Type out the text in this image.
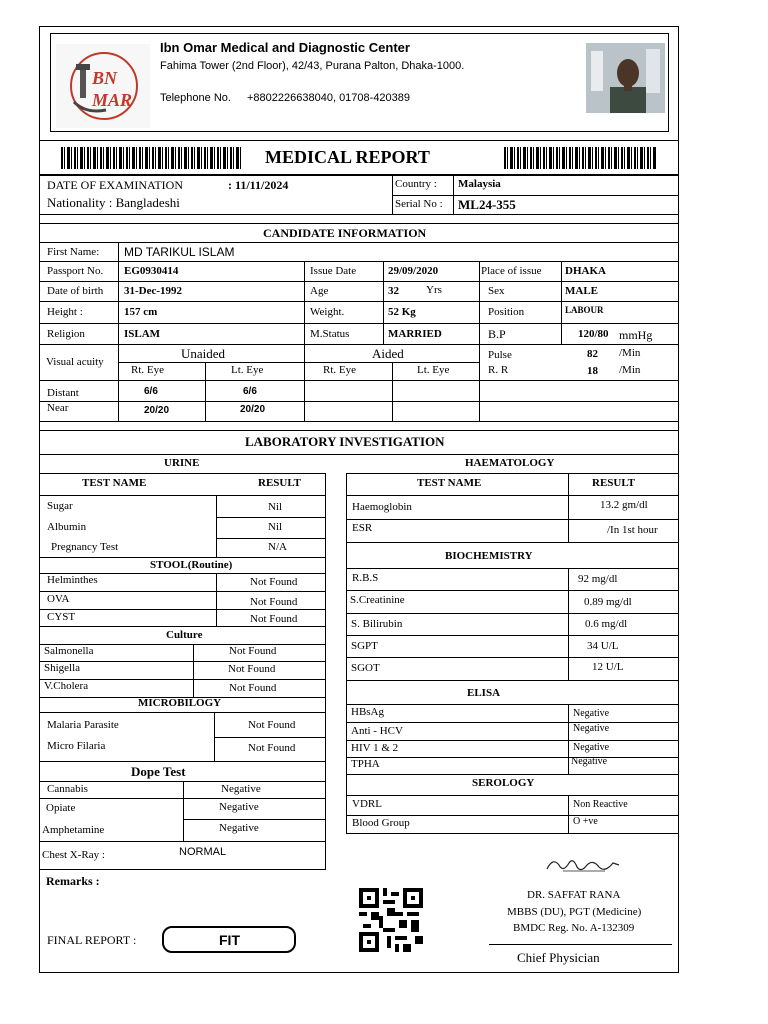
BN
MAR
Ibn Omar Medical and Diagnostic Center
Fahima Tower (2nd Floor), 42/43, Purana Palton, Dhaka-1000.
Telephone No. +8802226638040, 01708-420389
MEDICAL REPORT
DATE OF EXAMINATION	: 11/11/2024
Nationality : Bangladeshi
Country : Malaysia
Serial No : ML24-355
CANDIDATE INFORMATION
First Name: MD TARIKUL ISLAM
Passport No. EG0930414	Issue Date	29/09/2020	Place of issue DHAKA
Date of birth 31-Dec-1992	Age	32 Yrs	Sex	MALE
Height :	157 cm	Weight.	52 Kg	Position	LABOUR
Religion	ISLAM	M.Status	MARRIED	B.P	120/80 mmHg
Visual acuity
Unaided	Aided
Rt. Eye	Lt. Eye	Rt. Eye	Lt. Eye
Pulse	82 /Min
R. R	18 /Min
Distant	6/6	6/6
Near	20/20	20/20
LABORATORY INVESTIGATION
URINE
TEST NAME	RESULT
Sugar	Nil
Albumin	Nil
Pregnancy Test	N/A
STOOL(Routine)
Helminthes	Not Found
OVA	Not Found
CYST	Not Found
Culture
Salmonella	Not Found
Shigella	Not Found
V.Cholera	Not Found
MICROBILOGY
Malaria Parasite	Not Found
Micro Filaria	Not Found
Dope Test
Cannabis	Negative
Opiate	Negative
Amphetamine	Negative
Chest X-Ray :	NORMAL
HAEMATOLOGY
TEST NAME	RESULT
Haemoglobin	13.2 gm/dl
ESR	/In 1st hour
BIOCHEMISTRY
R.B.S	92 mg/dl
S.Creatinine	0.89 mg/dl
S. Bilirubin	0.6 mg/dl
SGPT	34 U/L
SGOT	12 U/L
ELISA
HBsAg	Negative
Anti - HCV	Negative
HIV 1 & 2	Negative
TPHA	Negative
SEROLOGY
VDRL	Non Reactive
Blood Group	O +ve
Remarks :
FINAL REPORT :	FIT
DR. SAFFAT RANA
MBBS (DU), PGT (Medicine)
BMDC Reg. No. A-132309
Chief Physician
